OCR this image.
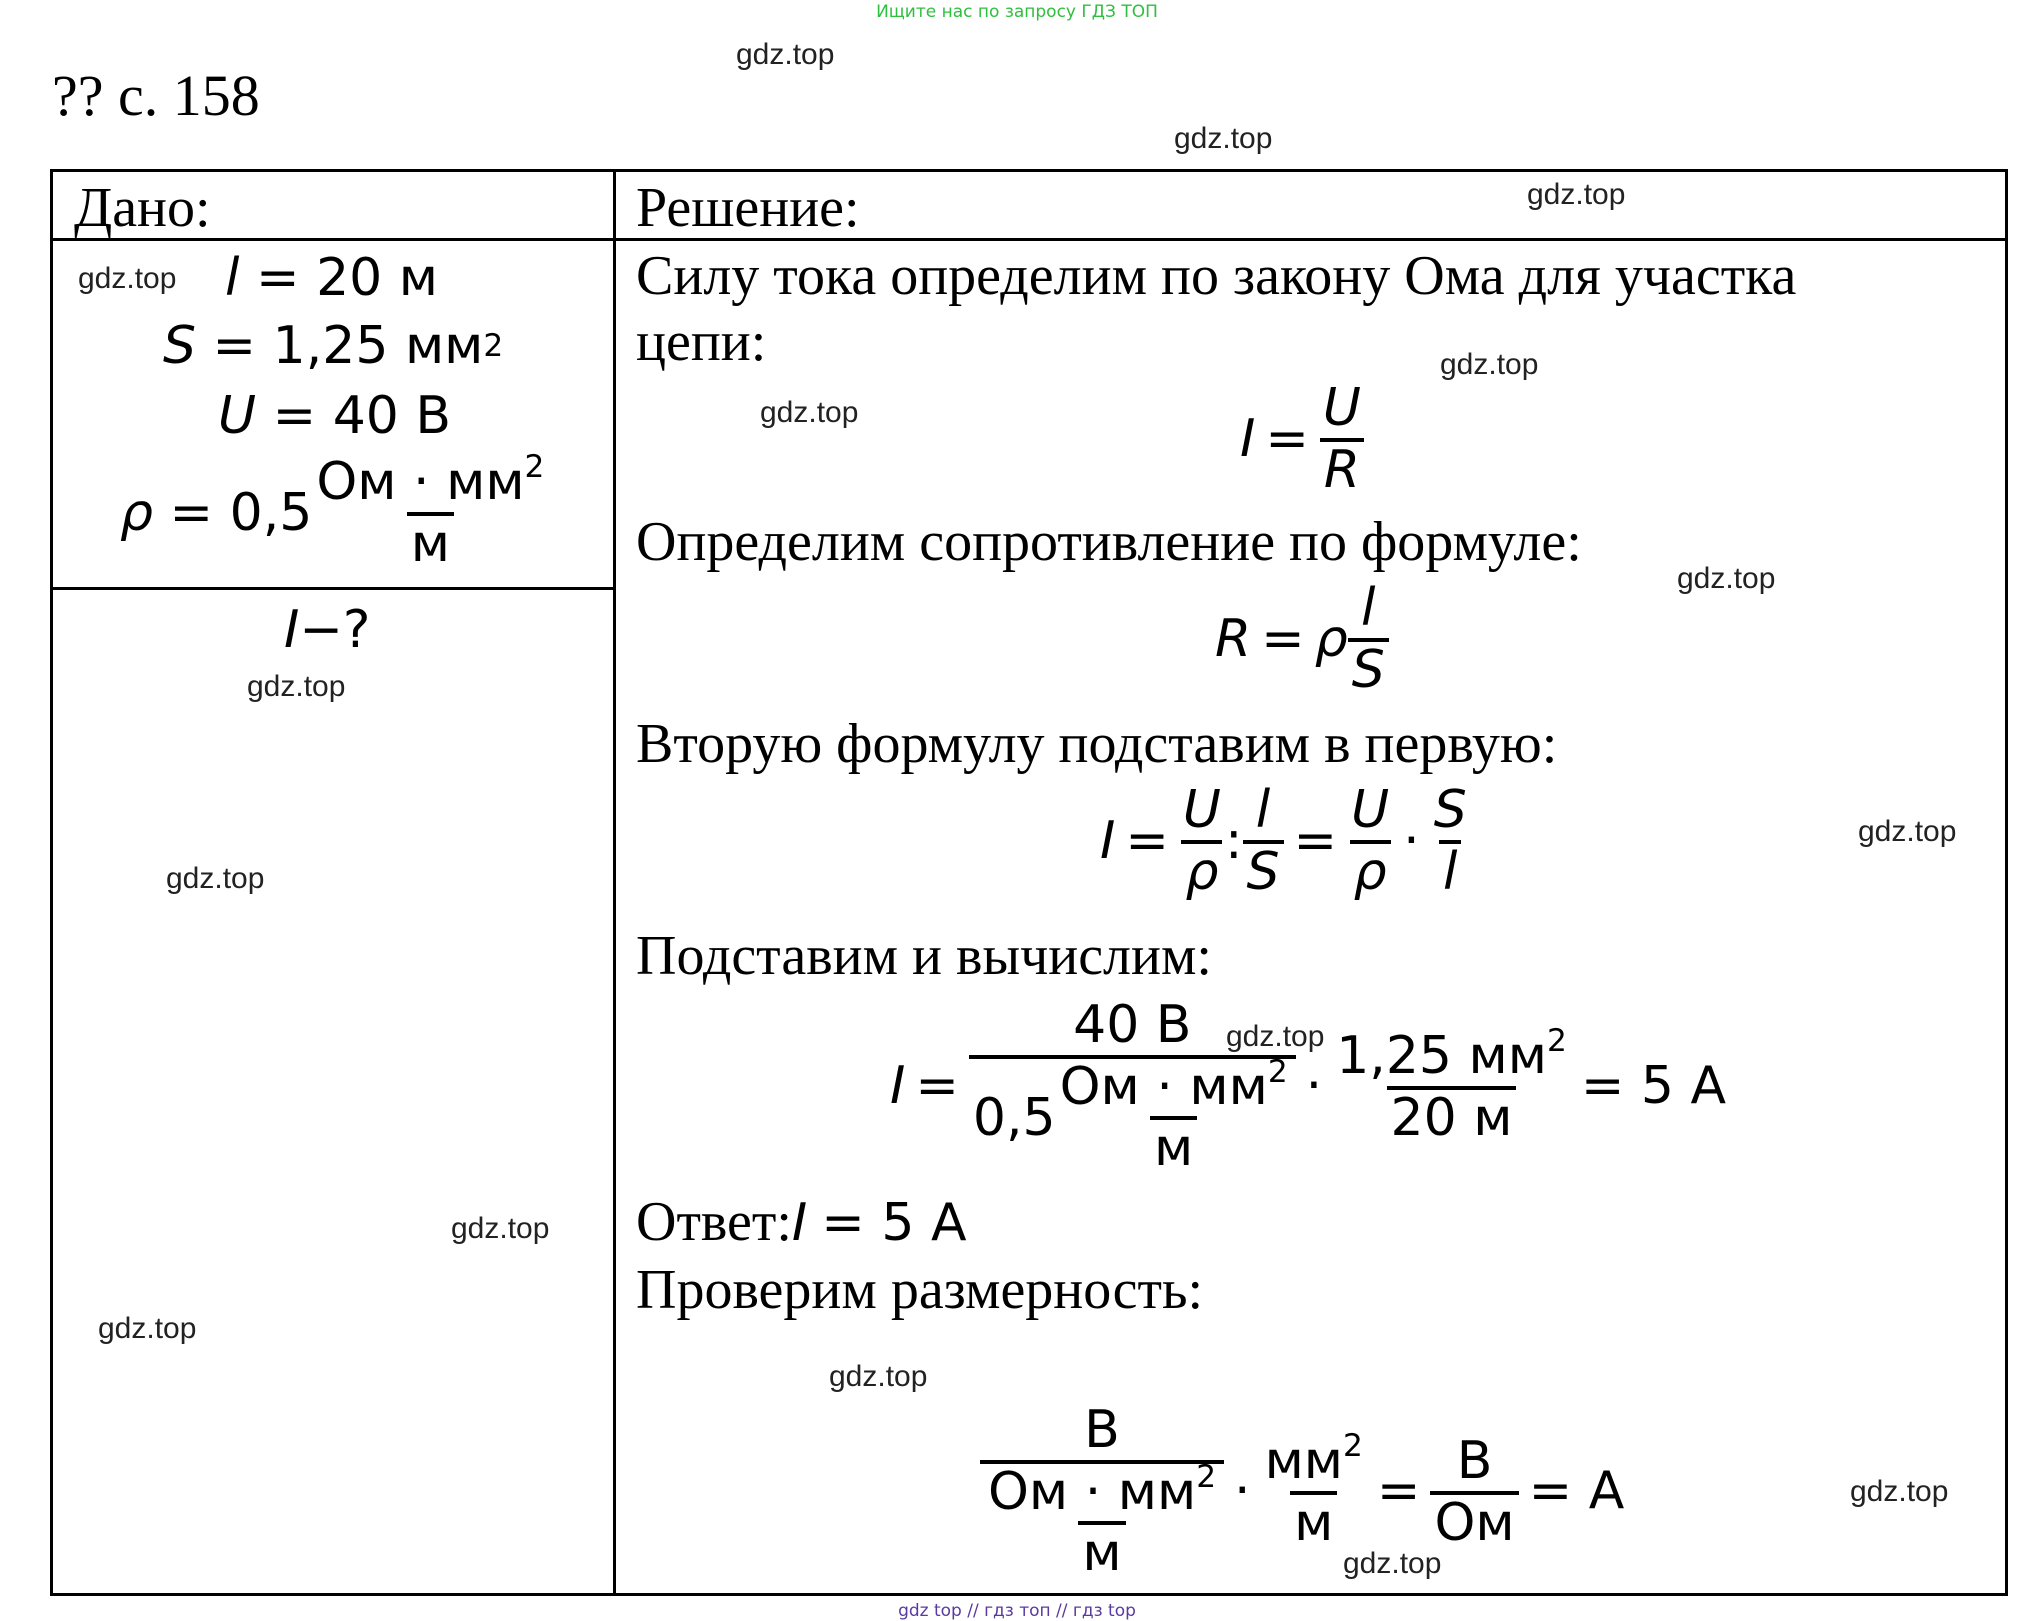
Ищите нас по запросу ГДЗ ТОП
?? с. 158
Дано:	Решение:
l
= 20 м
S
= 1,25 мм 2
U
= 40 В
ρ
= $0,5 \frac{Ом \cdot мм^2}{м}$
I −?
Силу тока определим по закону Ома для участка
цепи:
$I = \frac{U}{R}$
Определим сопротивление по формуле:
R = ρ $\frac{l}{S}$
Вторую формулу подставим в первую:
$I = \frac{U}{\rho}$ : $\frac{l}{S} = \frac{U}{\rho} \cdot \frac{S}{l}$
Подставим и вычислим:
$I = \frac{40 В}{0,5 \frac{Ом \cdot мм^2}{м}} \cdot \frac{1,25 мм^2}{20 м} = 5$ А
Ответ: I = 5 А
Проверим размерность:
$\frac{В}{\frac{Ом \cdot мм^2}{м}} \cdot \frac{мм^2}{м} = \frac{В}{Ом} = А$
gdz.top
gdz.top
gdz.top
gdz.top
gdz.top
gdz.top
gdz.top
gdz.top
gdz.top
gdz.top
gdz.top
gdz.top
gdz.top
gdz.top
gdz.top
gdz.top
gdz top // гдз топ // гдз top
